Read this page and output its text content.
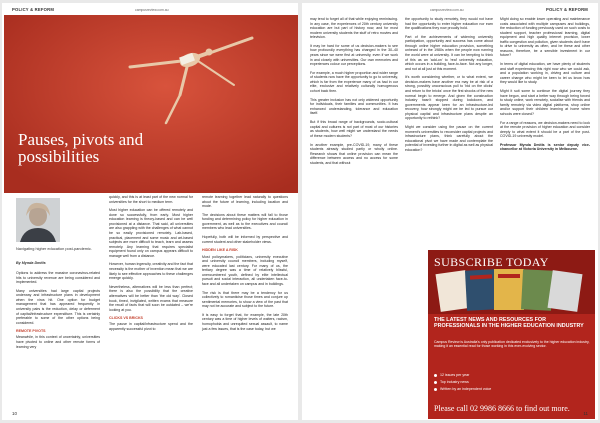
POLICY & REFORM	campusreview.com.au
Pauses, pivots and possibilities
Navigating higher education post-pandemic.
By Mynda Dmitis
Options to address the massive coronavirus-related hits to university revenue are being considered and implemented.
Many universities had large capital projects underway and infrastructure plans in development when the virus hit. One option for budget management that has appeared frequently in university pairs is the reduction, delay or deferment of capital/infrastructure expenditure. This is certainly preferable to some of the other options being considered.
REMOTE PIVOTS
Meanwhile, in this context of uncertainty, universities have pivoted to online and other remote forms of learning very
quickly, and this is at least part of the new normal for universities for the short to medium term.
Most higher education can be offered remotely and done so successfully, from early. Most higher education learning is theory-based and can be well provisioned at a distance. That said, all universities are also grappling with the challenges of what cannot be so easily provisioned remotely. Lab-based, practical, placement and some music and art-based subjects are more difficult to teach, learn and assess remotely. Any learning that requires specialist equipment found only on campus appears difficult to manage well from a distance.
However, human ingenuity, creativity and the fact that necessity is the mother of invention mean that we are likely to see effective approaches to these challenges emerge quickly.
Nevertheless, alternatives will be less than perfect; there is also the possibility that the creative alternatives will be better than 'the old way'. Closed book, timed, invigilated, written exams that measure the recall of facts that will soon be outdated – we're looking at you.
CLICKS VS BRICKS
The pause in capital/infrastructure spend and the apparently successful pivot to
remote learning together lead naturally to questions about the future of learning, including location and mode.
The decisions about these matters will fall to those funding and determining policy for higher education in government, as well as to the executives and council members who lead universities.
Hopefully, both will be informed by perspective and current student and other stakeholder views.
HIDDEN LIKE A RISK
Most policymakers, politicians, university executive and university council members, including myself, were educated last century. For many of us, the tertiary degree was a time of relatively blissful, unencumbered youth, defined by elite intellectual pursuit and social interaction, all undertaken face-to-face and all undertaken on campus and in buildings.
The risk is that there may be a tendency for us collectively to romanticise those times and conjure up sentimental memories, to show a view of the past that may not be accurate and subject to the future.
It is easy to forget that, for example, the late 20th century was a time of higher levels of waiters, racism, homophobia and unrequited sexual assault, to name just a few issues, that is the case today, but we
10
campusreview.com.au	POLICY & REFORM
may tend to forget all of that while enjoying reminiscing. In any case, the experiences of 20th century university education are but part of history now, and for most modern university students the stuff of retro movies and television.
It may be hard for some of us decision-makers to see how profoundly everything has changed in the 30–40 years since we were first at university, even if we work in and closely with universities. Our own memories and experiences colour our perceptions.
For example, a much higher proportion and wider range of students now have the opportunity to go to university, which is far from the experience many of us had in our elite, exclusive and relatively culturally homogenous cohort back then.
This greater inclusion has not only widened opportunity for individuals, their families and communities. It has enhanced understanding, tolerance and education itself.
But if this broad range of backgrounds, socio-cultural capital and cultures is not part of most of our histories as students, how well might we understand the needs of these modern students?
In another example, pre-COVID-19, many of these students already studied partly or wholly online. Research shows that online provision can mean the difference between access and no access for some students, and that without
the opportunity to study remotely, they would not have had the opportunity to enter higher education nor earn the qualifications they now proudly hold.
Part of the achievements of widening university participation, opportunity and success has come about through online higher education provision, something unheard of in the 1980s when the people now running the world were at university. It can be tempting to think of this as an 'add-on' to 'real' university education, which occurs in a building, face-to-face. Not any longer, and not at all just at this moment.
It's worth considering whether, or to what extent, we decision-makers have another era may be at risk of a strong, possibly unconscious pull to 'bid on the clicks' and return to the bricks' once the first shocks of the new normal begin to emerge. And given the construction industry hasn't stopped during lockdown, and governments appear keen for an infrastructure-led recovery, how strongly might we be led to pursue our physical capital and infrastructure plans despite an opportunity to rethink?
Might we consider using the pause on the current moment's universities to reconsider capital projects and infrastructure plans, think carefully about the educational pivot we have made and contemplate the potential of investing further in digital as well as physical education?
Might doing so enable lower operating and maintenance costs associated with multiple campuses and buildings, the reduction of funding previously used on such costs to student support, teacher professional learning, digital equipment and high quality internet provision, lower traffic congestion and pollution, given students don't have to drive to university as often, and be these and other reasons, therefore, be a sensible investment in our future?
In terms of digital education, we have plenty of students and staff experiencing this right now who we could ask, and a population working in, driving and culture and career change who might be keen to let us know how they would like to study.
Might it suit some to continue the digital journey they have begun, and start a better way through being forced to study online, work remotely, socialise with friends and family remotely via video digital platforms, shop online and/or support their children learning at home when schools were closed?
For a range of reasons, we decision-makers need to look at the remote provision of higher education and consider deeply to what extent it should be a part of the post-COVID-19 university model.
Professor Mynda Dmitis is senior deputy vice-chancellor at Victoria University in Melbourne.
SUBSCRIBE TODAY
THE LATEST NEWS AND RESOURCES FOR PROFESSIONALS IN THE HIGHER EDUCATION INDUSTRY
Campus Review is Australia's only publication dedicated exclusively to the higher education industry, making it an essential read for those working in this ever-evolving sector.
12 issues per year
Top industry news
Written by an independent voice
Please call 02 9986 8666 to find out more.
11
